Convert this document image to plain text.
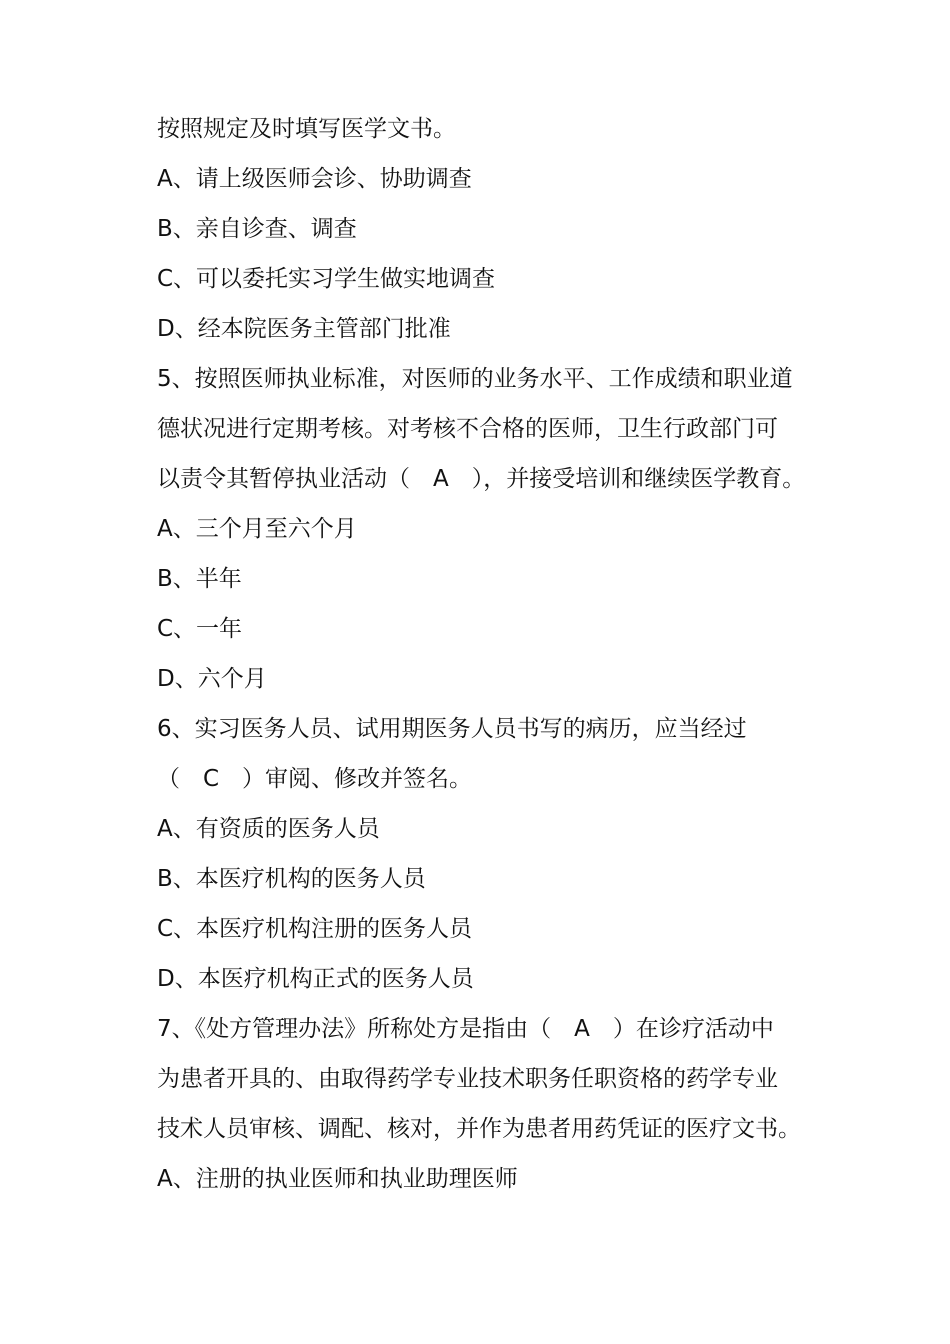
按照规定及时填写医学文书。
A、请上级医师会诊、协助调查
B、亲自诊查、调查
C、可以委托实习学生做实地调查
D、经本院医务主管部门批准
5、按照医师执业标准，对医师的业务水平、工作成绩和职业道
德状况进行定期考核。对考核不合格的医师，卫生行政部门可
以责令其暂停执业活动（　A　），并接受培训和继续医学教育。
A、三个月至六个月
B、半年
C、一年
D、六个月
6、实习医务人员、试用期医务人员书写的病历，应当经过
（　C　）审阅、修改并签名。
A、有资质的医务人员
B、本医疗机构的医务人员
C、本医疗机构注册的医务人员
D、本医疗机构正式的医务人员
7、《处方管理办法》所称处方是指由（　A　）在诊疗活动中
为患者开具的、由取得药学专业技术职务任职资格的药学专业
技术人员审核、调配、核对，并作为患者用药凭证的医疗文书。
A、注册的执业医师和执业助理医师
